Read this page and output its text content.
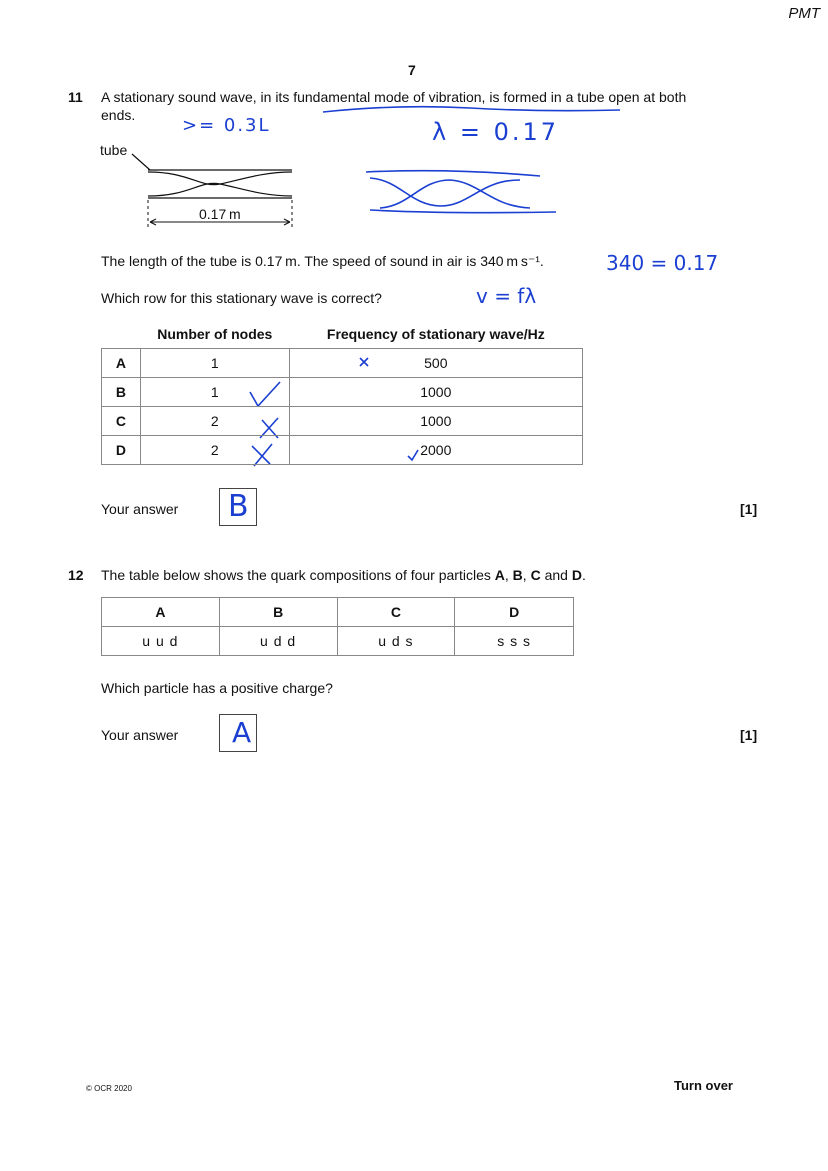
PMT
7
11 A stationary sound wave, in its fundamental mode of vibration, is formed in a tube open at both
ends.	>= 0.3L	λ = 0.17
340 = 0.17
v = fλ
tube
0.17 m
The length of the tube is 0.17 m. The speed of sound in air is 340 m s⁻¹.
Which row for this stationary wave is correct?
	Number of nodes	Frequency of stationary wave/Hz
A	1	500
B	1	1000
C	2	1000
D	2	2000
Your answer B	[1]
12 The table below shows the quark compositions of four particles A, B, C and D.
A	B	C	D
u u d	u d d	u d s	s s s
Which particle has a positive charge?
Your answer A	[1]
© OCR 2020	Turn over
